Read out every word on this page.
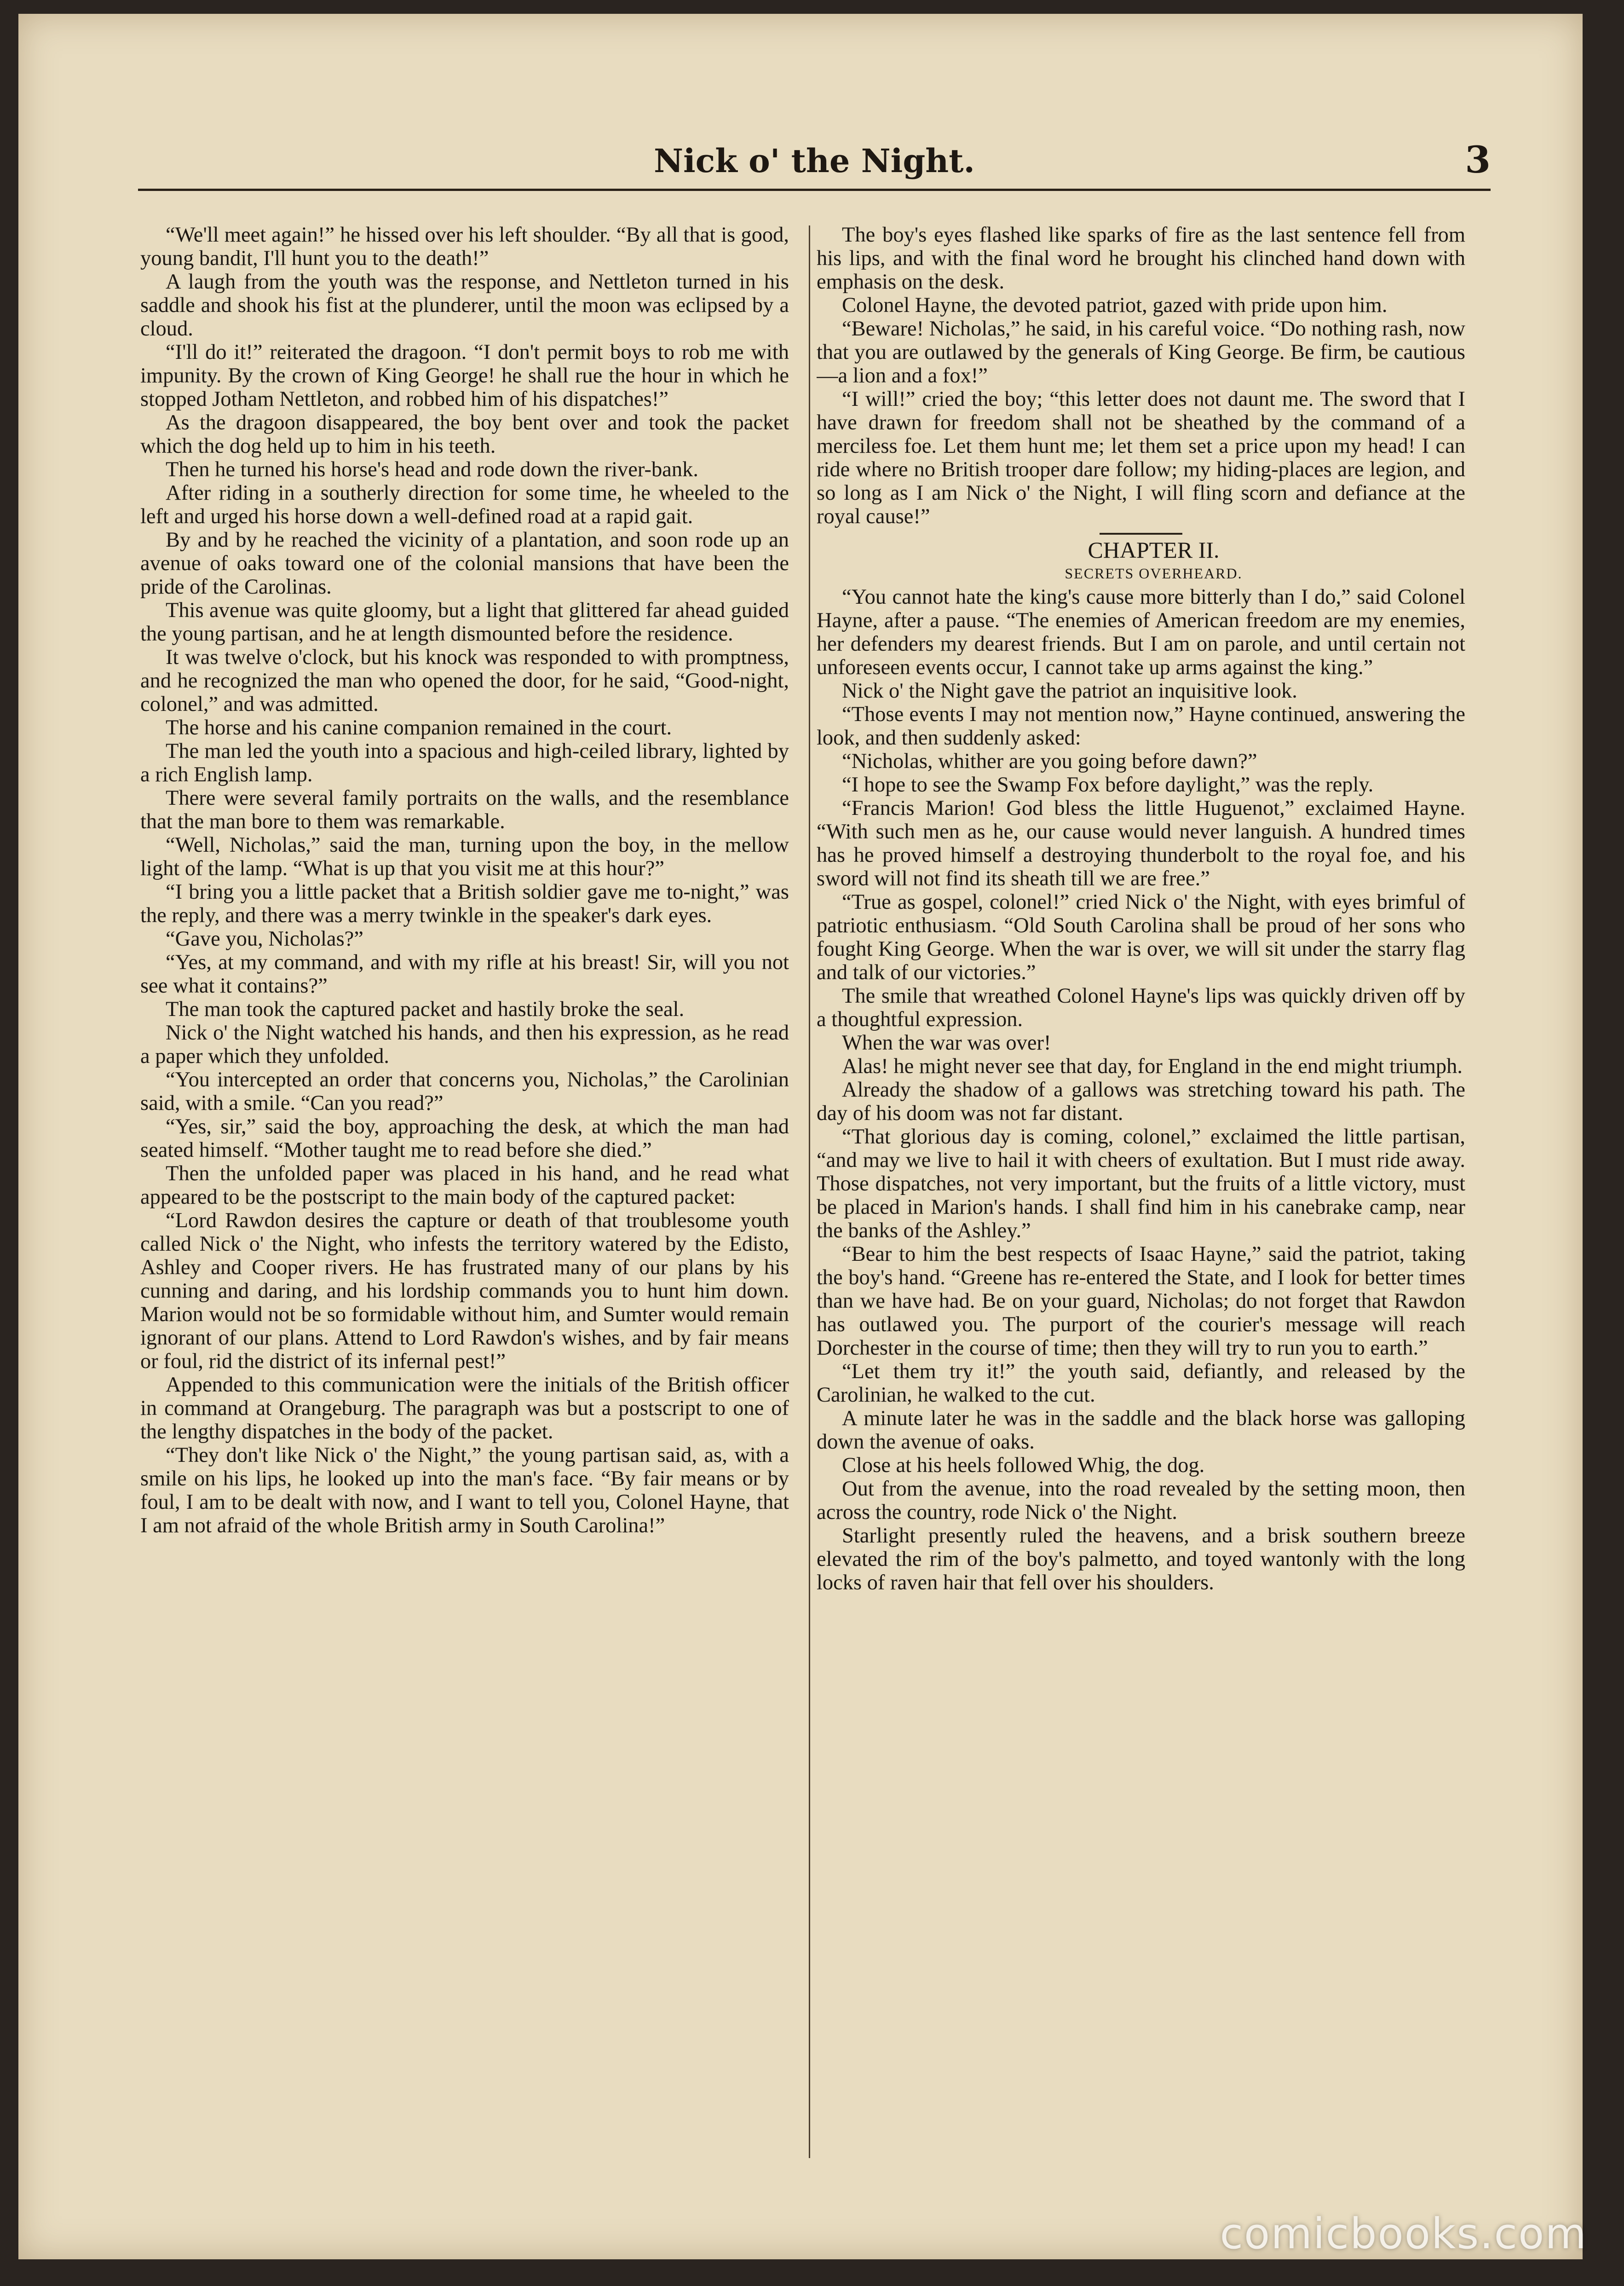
Nick o' the Night.	3

“We'll meet again!” he hissed over his left shoulder. “By all that is good, young bandit, I'll hunt you to the death!”

A laugh from the youth was the response, and Nettleton turned in his saddle and shook his fist at the plunderer, until the moon was eclipsed by a cloud.

“I'll do it!” reiterated the dragoon. “I don't permit boys to rob me with impunity. By the crown of King George! he shall rue the hour in which he stopped Jotham Nettleton, and robbed him of his dispatches!”

As the dragoon disappeared, the boy bent over and took the packet which the dog held up to him in his teeth.

Then he turned his horse's head and rode down the river-bank.

After riding in a southerly direction for some time, he wheeled to the left and urged his horse down a well-defined road at a rapid gait.

By and by he reached the vicinity of a plantation, and soon rode up an avenue of oaks toward one of the colonial mansions that have been the pride of the Carolinas.

This avenue was quite gloomy, but a light that glittered far ahead guided the young partisan, and he at length dismounted before the residence.

It was twelve o'clock, but his knock was responded to with promptness, and he recognized the man who opened the door, for he said, “Good-night, colonel,” and was admitted.

The horse and his canine companion remained in the court.

The man led the youth into a spacious and high-ceiled library, lighted by a rich English lamp.

There were several family portraits on the walls, and the resemblance that the man bore to them was remarkable.

“Well, Nicholas,” said the man, turning upon the boy, in the mellow light of the lamp. “What is up that you visit me at this hour?”

“I bring you a little packet that a British soldier gave me to-night,” was the reply, and there was a merry twinkle in the speaker's dark eyes.

“Gave you, Nicholas?”

“Yes, at my command, and with my rifle at his breast! Sir, will you not see what it contains?”

The man took the captured packet and hastily broke the seal.

Nick o' the Night watched his hands, and then his expression, as he read a paper which they unfolded.

“You intercepted an order that concerns you, Nicholas,” the Carolinian said, with a smile. “Can you read?”

“Yes, sir,” said the boy, approaching the desk, at which the man had seated himself. “Mother taught me to read before she died.”

Then the unfolded paper was placed in his hand, and he read what appeared to be the postscript to the main body of the captured packet:

“Lord Rawdon desires the capture or death of that troublesome youth called Nick o' the Night, who infests the territory watered by the Edisto, Ashley and Cooper rivers. He has frustrated many of our plans by his cunning and daring, and his lordship commands you to hunt him down. Marion would not be so formidable without him, and Sumter would remain ignorant of our plans. Attend to Lord Rawdon's wishes, and by fair means or foul, rid the district of its infernal pest!”

Appended to this communication were the initials of the British officer in command at Orangeburg. The paragraph was but a postscript to one of the lengthy dispatches in the body of the packet.

“They don't like Nick o' the Night,” the young partisan said, as, with a smile on his lips, he looked up into the man's face. “By fair means or by foul, I am to be dealt with now, and I want to tell you, Colonel Hayne, that I am not afraid of the whole British army in South Carolina!”

The boy's eyes flashed like sparks of fire as the last sentence fell from his lips, and with the final word he brought his clinched hand down with emphasis on the desk.

Colonel Hayne, the devoted patriot, gazed with pride upon him.

“Beware! Nicholas,” he said, in his careful voice. “Do nothing rash, now that you are outlawed by the generals of King George. Be firm, be cautious—a lion and a fox!”

“I will!” cried the boy; “this letter does not daunt me. The sword that I have drawn for freedom shall not be sheathed by the command of a merciless foe. Let them hunt me; let them set a price upon my head! I can ride where no British trooper dare follow; my hiding-places are legion, and so long as I am Nick o' the Night, I will fling scorn and defiance at the royal cause!”

CHAPTER II.

SECRETS OVERHEARD.

“You cannot hate the king's cause more bitterly than I do,” said Colonel Hayne, after a pause. “The enemies of American freedom are my enemies, her defenders my dearest friends. But I am on parole, and until certain not unforeseen events occur, I cannot take up arms against the king.”

Nick o' the Night gave the patriot an inquisitive look.

“Those events I may not mention now,” Hayne continued, answering the look, and then suddenly asked:

“Nicholas, whither are you going before dawn?”

“I hope to see the Swamp Fox before daylight,” was the reply.

“Francis Marion! God bless the little Huguenot,” exclaimed Hayne. “With such men as he, our cause would never languish. A hundred times has he proved himself a destroying thunderbolt to the royal foe, and his sword will not find its sheath till we are free.”

“True as gospel, colonel!” cried Nick o' the Night, with eyes brimful of patriotic enthusiasm. “Old South Carolina shall be proud of her sons who fought King George. When the war is over, we will sit under the starry flag and talk of our victories.”

The smile that wreathed Colonel Hayne's lips was quickly driven off by a thoughtful expression.

When the war was over!

Alas! he might never see that day, for England in the end might triumph.

Already the shadow of a gallows was stretching toward his path. The day of his doom was not far distant.

“That glorious day is coming, colonel,” exclaimed the little partisan, “and may we live to hail it with cheers of exultation. But I must ride away. Those dispatches, not very important, but the fruits of a little victory, must be placed in Marion's hands. I shall find him in his canebrake camp, near the banks of the Ashley.”

“Bear to him the best respects of Isaac Hayne,” said the patriot, taking the boy's hand. “Greene has re-entered the State, and I look for better times than we have had. Be on your guard, Nicholas; do not forget that Rawdon has outlawed you. The purport of the courier's message will reach Dorchester in the course of time; then they will try to run you to earth.”

“Let them try it!” the youth said, defiantly, and released by the Carolinian, he walked to the cut.

A minute later he was in the saddle and the black horse was galloping down the avenue of oaks.

Close at his heels followed Whig, the dog.

Out from the avenue, into the road revealed by the setting moon, then across the country, rode Nick o' the Night.

Starlight presently ruled the heavens, and a brisk southern breeze elevated the rim of the boy's palmetto, and toyed wantonly with the long locks of raven hair that fell over his shoulders.

comicbooks.com
